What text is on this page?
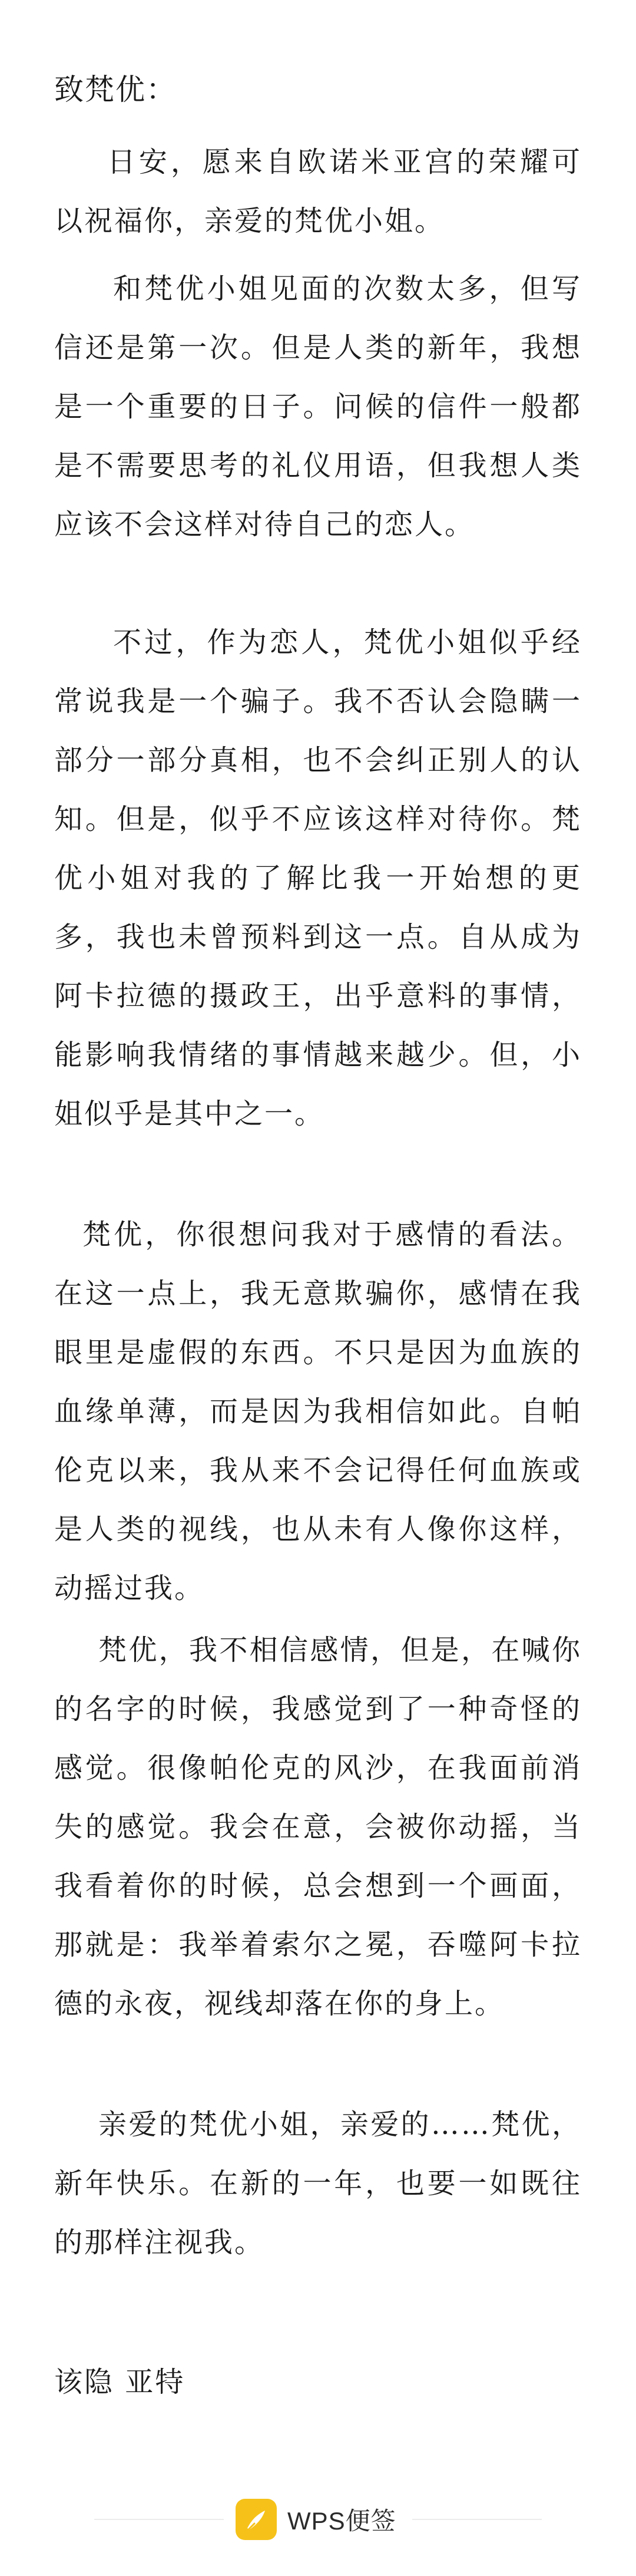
致梵优：
日安，愿来自欧诺米亚宫的荣耀可以祝福你，亲爱的梵优小姐。
和梵优小姐见面的次数太多，但写信还是第一次。但是人类的新年，我想是一个重要的日子。问候的信件一般都是不需要思考的礼仪用语，但我想人类应该不会这样对待自己的恋人。
不过，作为恋人，梵优小姐似乎经常说我是一个骗子。我不否认会隐瞒一部分一部分真相，也不会纠正别人的认知。但是，似乎不应该这样对待你。梵优小姐对我的了解比我一开始想的更多，我也未曾预料到这一点。自从成为阿卡拉德的摄政王，出乎意料的事情，能影响我情绪的事情越来越少。但，小姐似乎是其中之一。
梵优，你很想问我对于感情的看法。在这一点上，我无意欺骗你，感情在我眼里是虚假的东西。不只是因为血族的血缘单薄，而是因为我相信如此。自帕伦克以来，我从来不会记得任何血族或是人类的视线，也从未有人像你这样，动摇过我。
梵优，我不相信感情，但是，在喊你的名字的时候，我感觉到了一种奇怪的感觉。很像帕伦克的风沙，在我面前消失的感觉。我会在意，会被你动摇，当我看着你的时候，总会想到一个画面，那就是：我举着索尔之冕，吞噬阿卡拉德的永夜，视线却落在你的身上。
亲爱的梵优小姐，亲爱的……梵优，新年快乐。在新的一年，也要一如既往的那样注视我。
该隐 亚特
WPS便签
